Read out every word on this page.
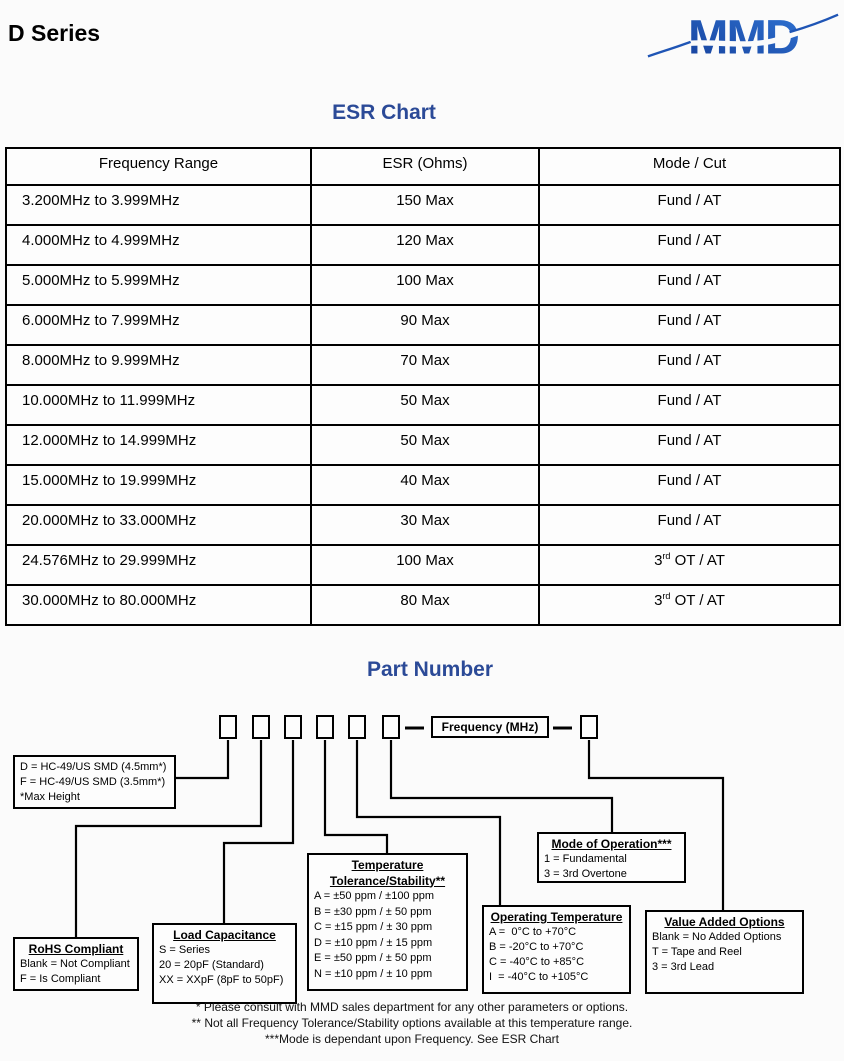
D Series	MMD
ESR Chart
Frequency Range	ESR (Ohms)	Mode / Cut
3.200MHz to 3.999MHz	150 Max	Fund / AT
4.000MHz to 4.999MHz	120 Max	Fund / AT
5.000MHz to 5.999MHz	100 Max	Fund / AT
6.000MHz to 7.999MHz	90 Max	Fund / AT
8.000MHz to 9.999MHz	70 Max	Fund / AT
10.000MHz to 11.999MHz	50 Max	Fund / AT
12.000MHz to 14.999MHz	50 Max	Fund / AT
15.000MHz to 19.999MHz	40 Max	Fund / AT
20.000MHz to 33.000MHz	30 Max	Fund / AT
24.576MHz to 29.999MHz	100 Max	3rd OT / AT
30.000MHz to 80.000MHz	80 Max	3rd OT / AT
Part Number
Frequency (MHz)
D = HC-49/US SMD (4.5mm*)
F = HC-49/US SMD (3.5mm*)
*Max Height
RoHS Compliant
Blank = Not Compliant
F = Is Compliant
Load Capacitance
S = Series
20 = 20pF (Standard)
XX = XXpF (8pF to 50pF)
Temperature
Tolerance/Stability**
A = ±50 ppm / ±100 ppm
B = ±30 ppm / ± 50 ppm
C = ±15 ppm / ± 30 ppm
D = ±10 ppm / ± 15 ppm
E = ±50 ppm / ± 50 ppm
N = ±10 ppm / ± 10 ppm
Operating Temperature
A =  0°C to +70°C
B = -20°C to +70°C
C = -40°C to +85°C
I  = -40°C to +105°C
Mode of Operation***
1 = Fundamental
3 = 3rd Overtone
Value Added Options
Blank = No Added Options
T = Tape and Reel
3 = 3rd Lead
* Please consult with MMD sales department for any other parameters or options.
** Not all Frequency Tolerance/Stability options available at this temperature range.
***Mode is dependant upon Frequency. See ESR Chart
